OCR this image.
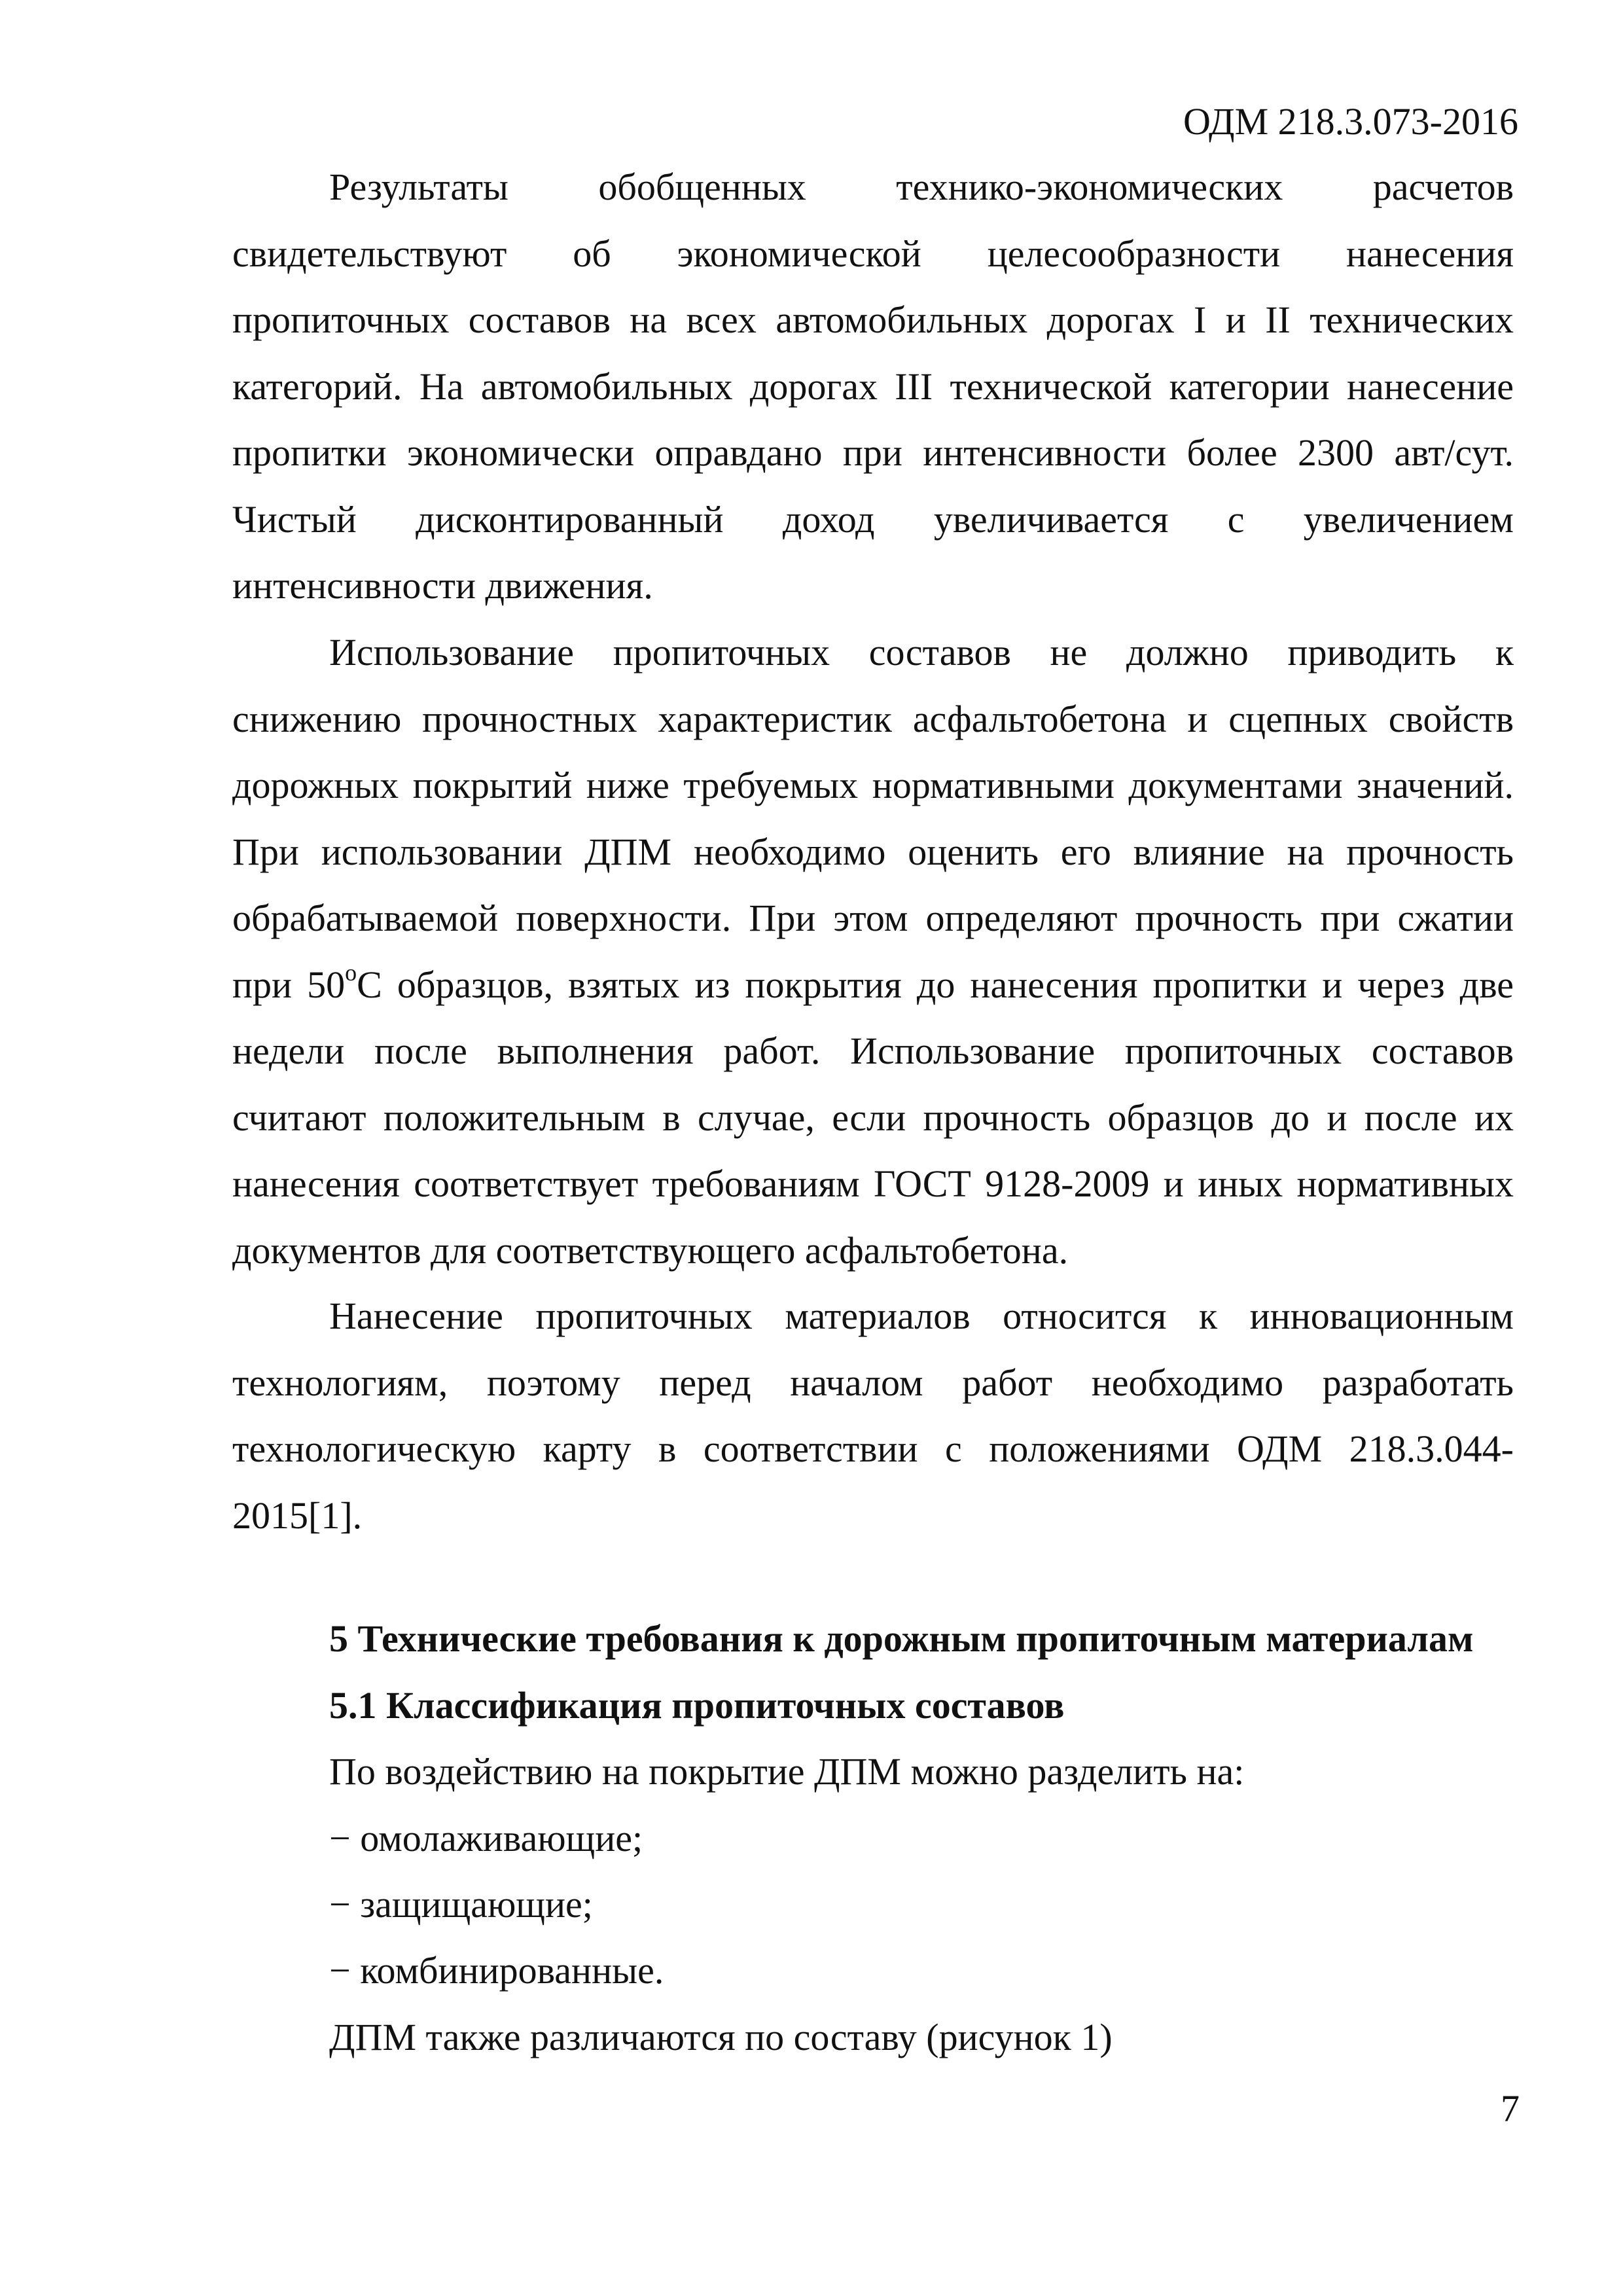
ОДМ 218.3.073-2016

Результаты обобщенных технико-экономических расчетов свидетельствуют об экономической целесообразности нанесения пропиточных составов на всех автомобильных дорогах I и II технических категорий. На автомобильных дорогах III технической категории нанесение пропитки экономически оправдано при интенсивности более 2300 авт/сут. Чистый дисконтированный доход увеличивается с увеличением интенсивности движения.

Использование пропиточных составов не должно приводить к снижению прочностных характеристик асфальтобетона и сцепных свойств дорожных покрытий ниже требуемых нормативными документами значений. При использовании ДПМ необходимо оценить его влияние на прочность обрабатываемой поверхности. При этом определяют прочность при сжатии при $50^оС$ образцов, взятых из покрытия до нанесения пропитки и через две недели после выполнения работ. Использование пропиточных составов считают положительным в случае, если прочность образцов до и после их нанесения соответствует требованиям ГОСТ 9128-2009 и иных нормативных документов для соответствующего асфальтобетона.

Нанесение пропиточных материалов относится к инновационным технологиям, поэтому перед началом работ необходимо разработать технологическую карту в соответствии с положениями ОДМ 218.3.044-2015[1].

5 Технические требования к дорожным пропиточным материалам
5.1 Классификация пропиточных составов

По воздействию на покрытие ДПМ можно разделить на:

− омолаживающие;

− защищающие;

− комбинированные.

ДПМ также различаются по составу (рисунок 1)

7
